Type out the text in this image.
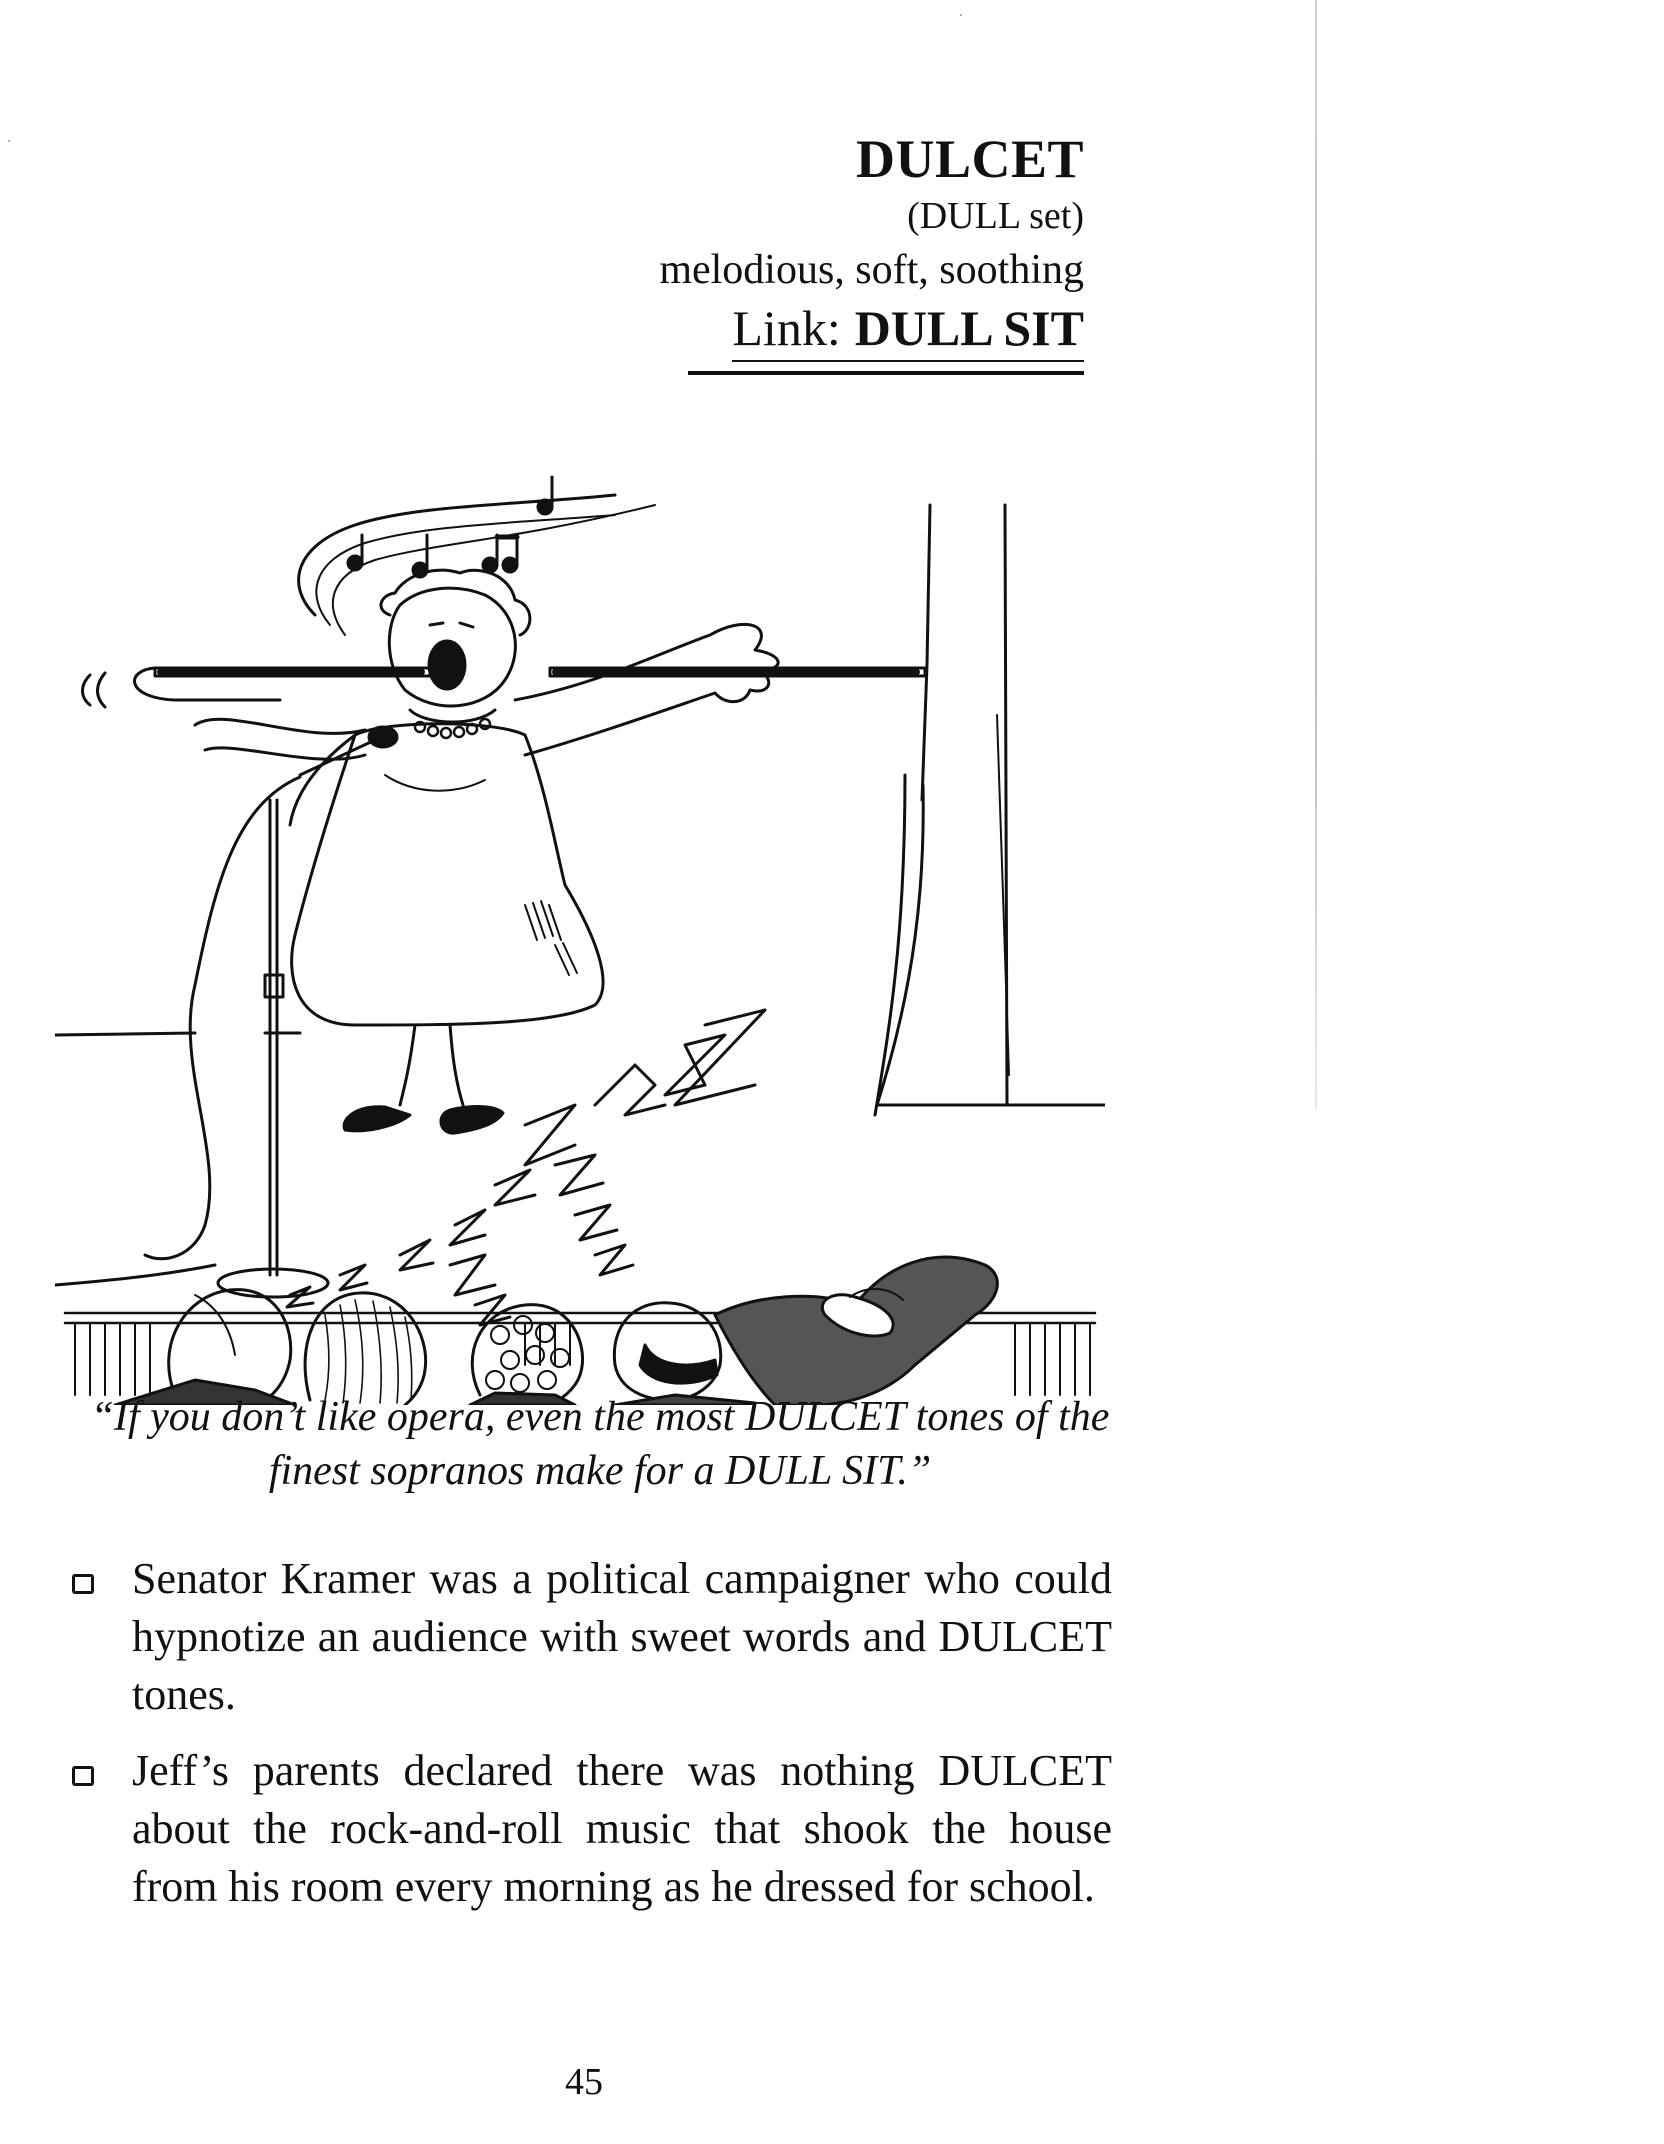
DULCET
(DULL set)
melodious, soft, soothing
Link: DULL SIT
“If you don’t like opera, even the most DULCET tones of the finest sopranos make for a DULL SIT.”
Senator Kramer was a political campaigner who could hypnotize an audience with sweet words and DULCET tones.
Jeff’s parents declared there was nothing DULCET about the rock-and-roll music that shook the house from his room every morning as he dressed for school.
45
